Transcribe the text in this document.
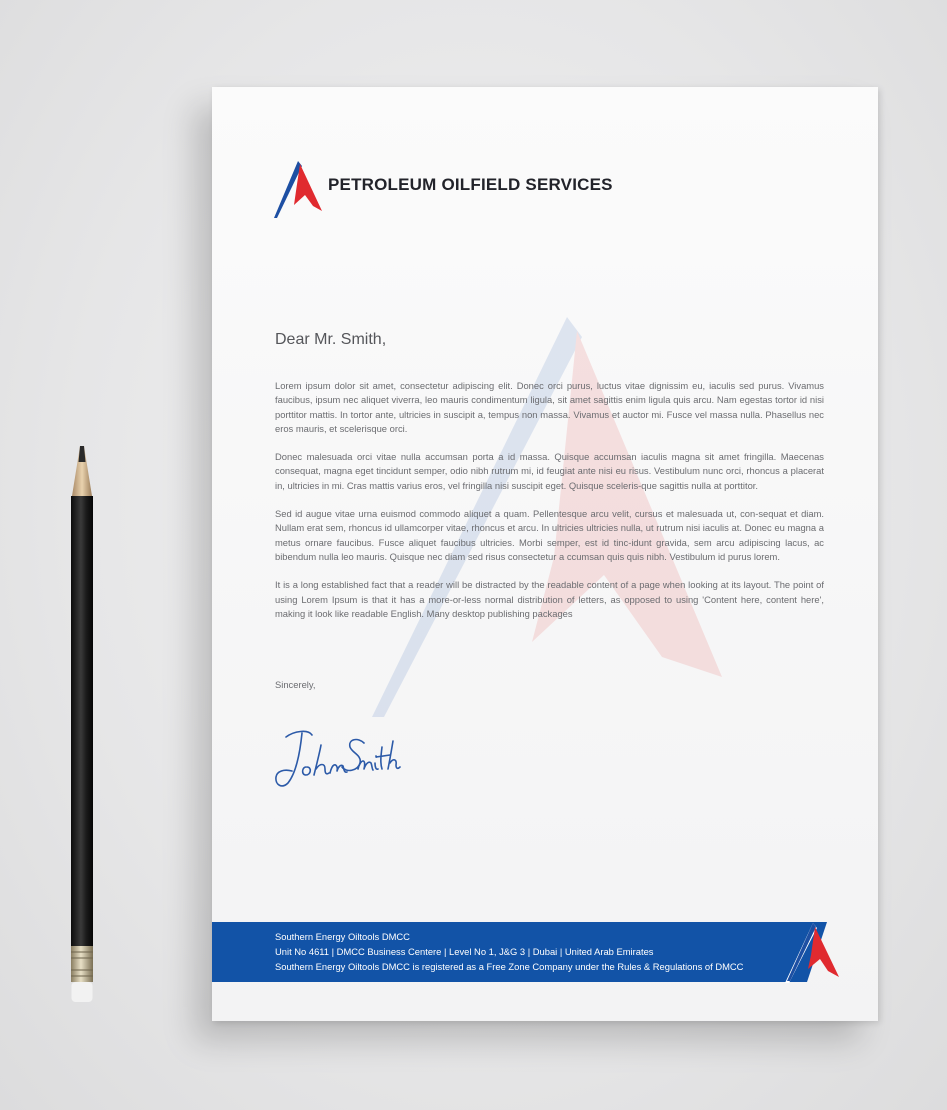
PETROLEUM OILFIELD SERVICES
Dear Mr. Smith,

Lorem ipsum dolor sit amet, consectetur adipiscing elit. Donec orci purus, luctus vitae dignissim eu, iaculis sed purus. Vivamus faucibus, ipsum nec aliquet viverra, leo mauris condimentum ligula, sit amet sagittis enim ligula quis arcu. Nam egestas tortor id nisi porttitor mattis. In tortor ante, ultricies in suscipit a, tempus non massa. Vivamus et auctor mi. Fusce vel massa nulla. Phasellus nec eros mauris, et scelerisque orci.

Donec malesuada orci vitae nulla accumsan porta a id massa. Quisque accumsan iaculis magna sit amet fringilla. Maecenas consequat, magna eget tincidunt semper, odio nibh rutrum mi, id feugiat ante nisi eu risus. Vestibulum nunc orci, rhoncus a placerat in, ultricies in mi. Cras mattis varius eros, vel fringilla nisi suscipit eget. Quisque sceleris-que sagittis nulla at porttitor.

Sed id augue vitae urna euismod commodo aliquet a quam. Pellentesque arcu velit, cursus et malesuada ut, con-sequat et diam. Nullam erat sem, rhoncus id ullamcorper vitae, rhoncus et arcu. In ultricies ultricies nulla, ut rutrum nisi iaculis at. Donec eu magna a metus ornare faucibus. Fusce aliquet faucibus ultricies. Morbi semper, est id tinc-idunt gravida, sem arcu adipiscing lacus, ac bibendum nulla leo mauris. Quisque nec diam sed risus consectetur a ccumsan quis quis nibh. Vestibulum id purus lorem.

It is a long established fact that a reader will be distracted by the readable content of a page when looking at its layout. The point of using Lorem Ipsum is that it has a more-or-less normal distribution of letters, as opposed to using 'Content here, content here', making it look like readable English. Many desktop publishing packages

Sincerely,
Southern Energy Oiltools DMCC
Unit No 4611 | DMCC Business Centere | Level No 1, J&G 3 | Dubai | United Arab Emirates
Southern Energy Oiltools DMCC is registered as a Free Zone Company under the Rules & Regulations of DMCC
